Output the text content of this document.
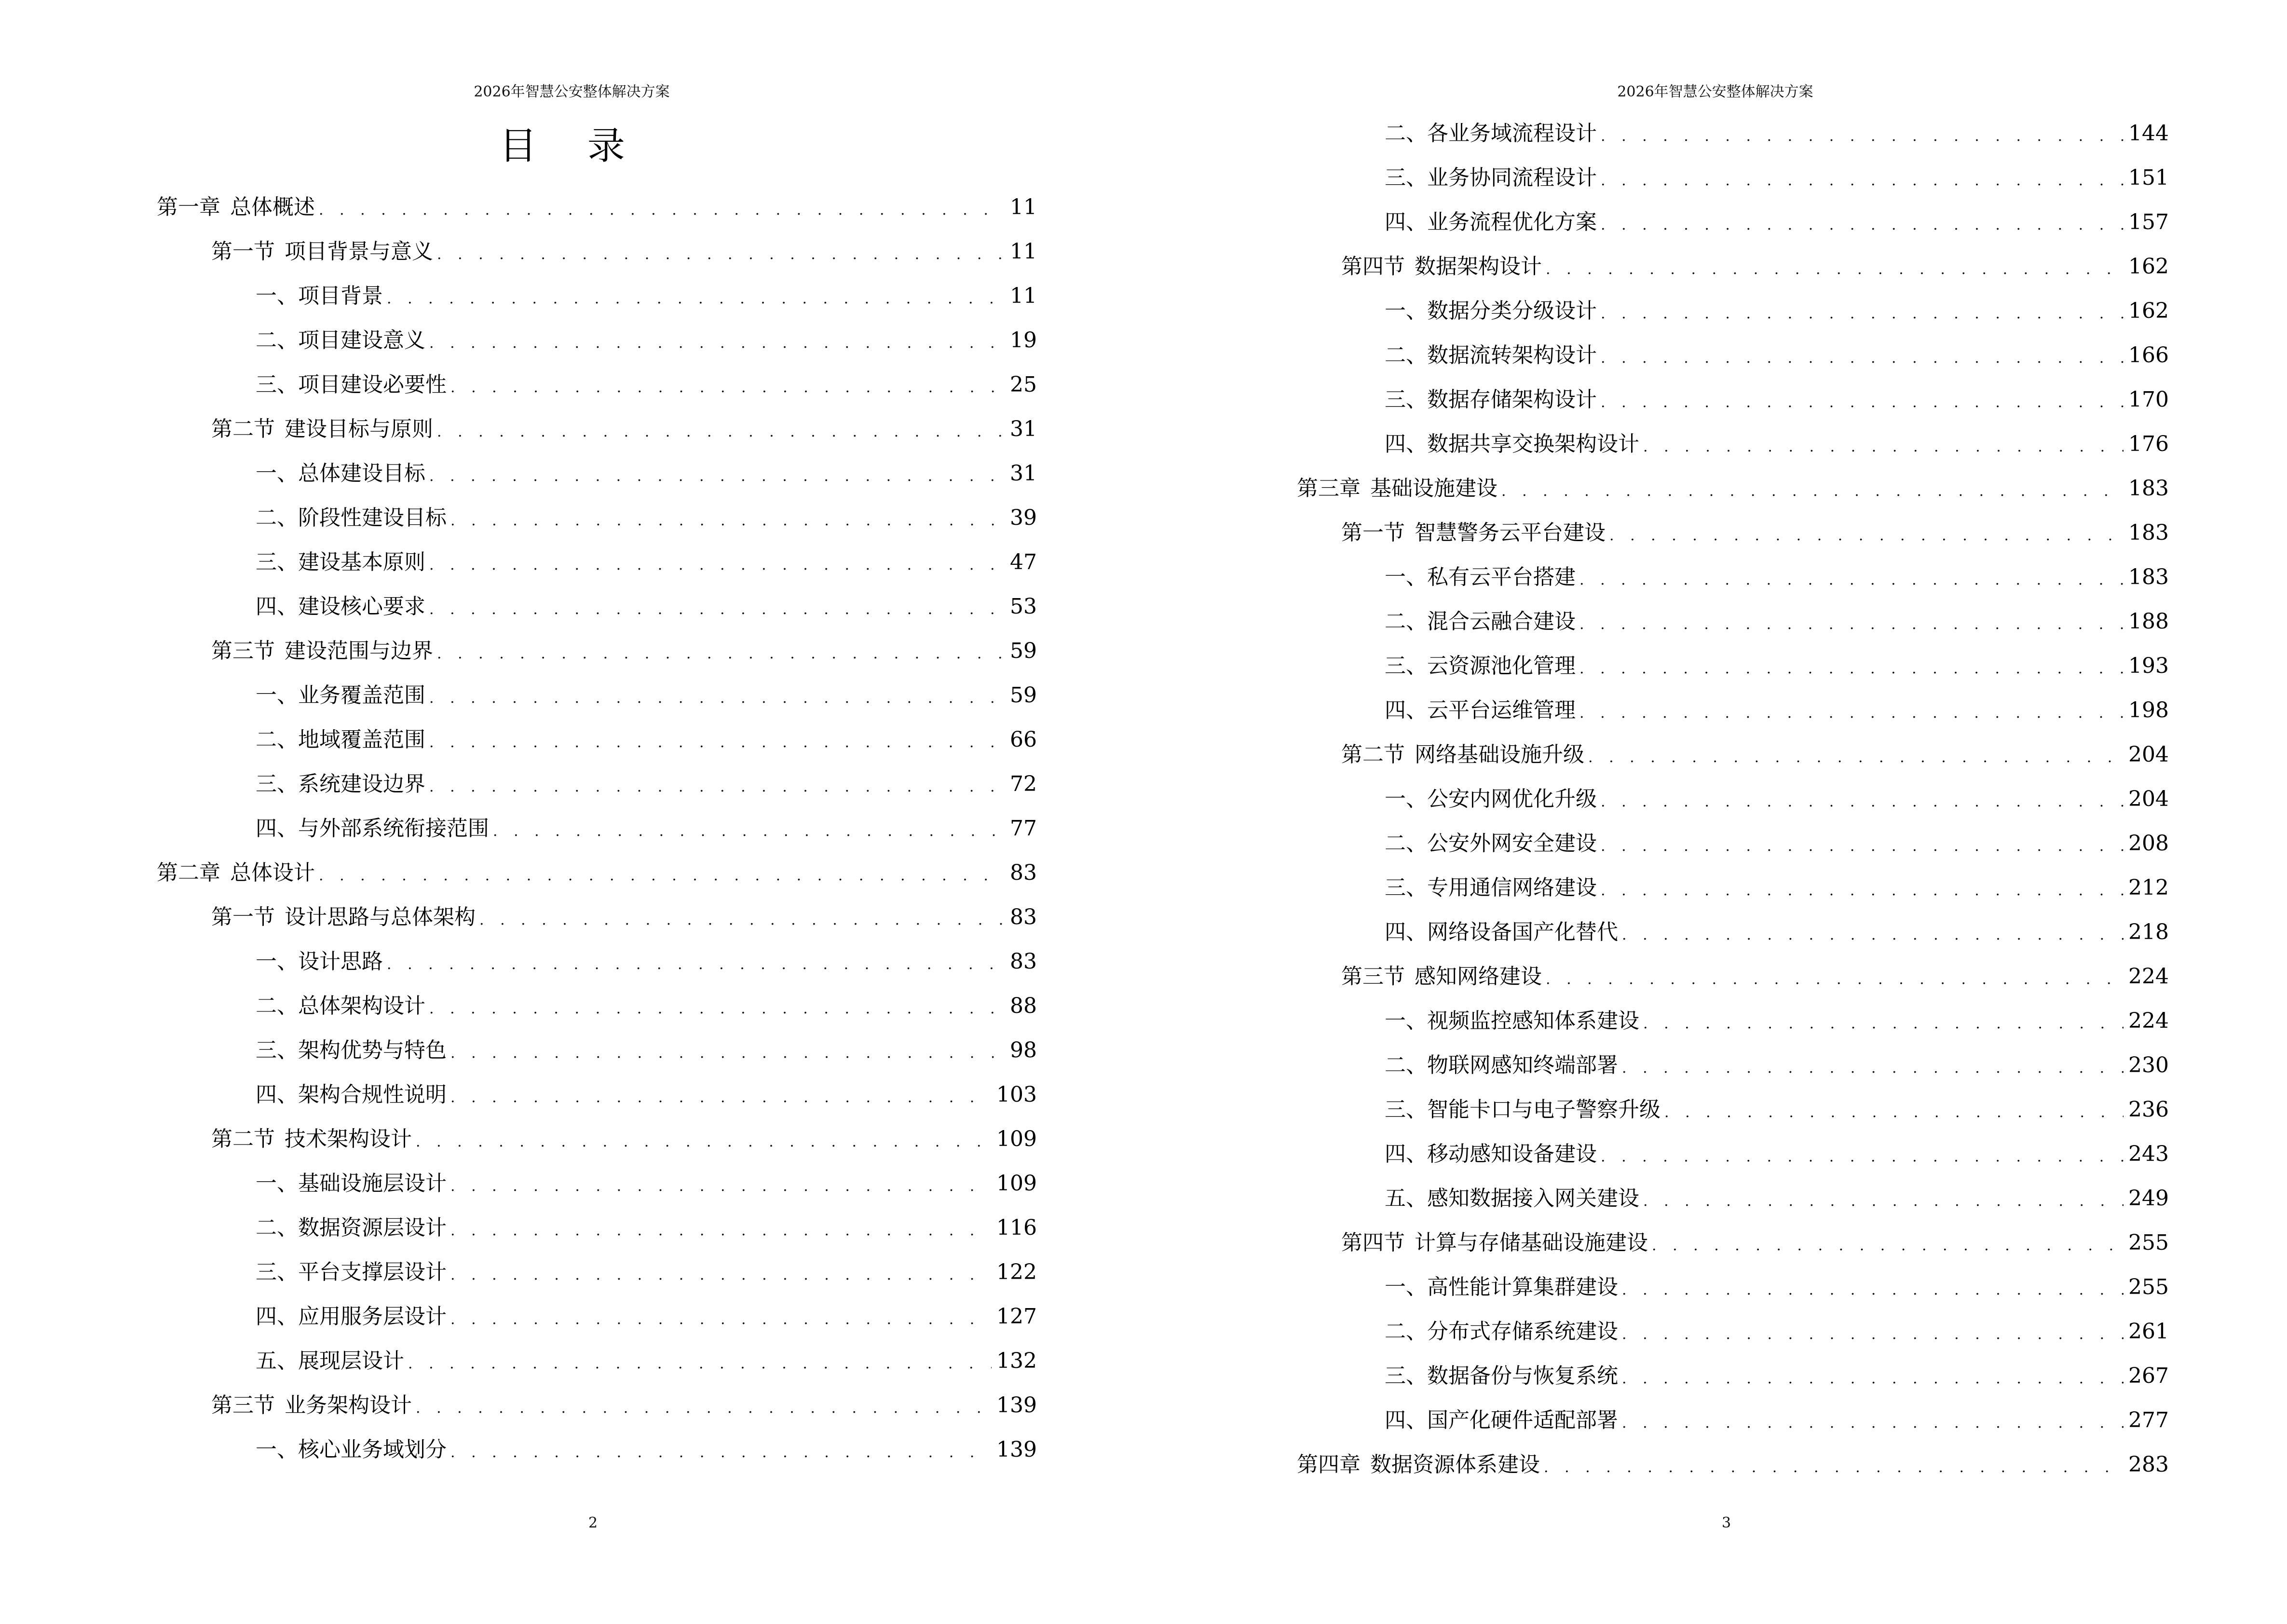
2026年智慧公安整体解决方案
目 录
第一章 总体概述 . . .	11
第一节 项目背景与意义 . . .	11
一、项目背景 . . .	11
二、项目建设意义 . . .	19
三、项目建设必要性 . . .	25
第二节 建设目标与原则 . . .	31
一、总体建设目标 . . .	31
二、阶段性建设目标 . . .	39
三、建设基本原则 . . .	47
四、建设核心要求 . . .	53
第三节 建设范围与边界 . . .	59
一、业务覆盖范围 . . .	59
二、地域覆盖范围 . . .	66
三、系统建设边界 . . .	72
四、与外部系统衔接范围 . . .	77
第二章 总体设计 . . .	83
第一节 设计思路与总体架构 . . .	83
一、设计思路 . . .	83
二、总体架构设计 . . .	88
三、架构优势与特色 . . .	98
四、架构合规性说明 . . .	103
第二节 技术架构设计 . . .	109
一、基础设施层设计 . . .	109
二、数据资源层设计 . . .	116
三、平台支撑层设计 . . .	122
四、应用服务层设计 . . .	127
五、展现层设计 . . .	132
第三节 业务架构设计 . . .	139
一、核心业务域划分 . . .	139
2
2026年智慧公安整体解决方案
二、各业务域流程设计 . . .	144
三、业务协同流程设计 . . .	151
四、业务流程优化方案 . . .	157
第四节 数据架构设计 . . .	162
一、数据分类分级设计 . . .	162
二、数据流转架构设计 . . .	166
三、数据存储架构设计 . . .	170
四、数据共享交换架构设计 . . .	176
第三章 基础设施建设 . . .	183
第一节 智慧警务云平台建设 . . .	183
一、私有云平台搭建 . . .	183
二、混合云融合建设 . . .	188
三、云资源池化管理 . . .	193
四、云平台运维管理 . . .	198
第二节 网络基础设施升级 . . .	204
一、公安内网优化升级 . . .	204
二、公安外网安全建设 . . .	208
三、专用通信网络建设 . . .	212
四、网络设备国产化替代 . . .	218
第三节 感知网络建设 . . .	224
一、视频监控感知体系建设 . . .	224
二、物联网感知终端部署 . . .	230
三、智能卡口与电子警察升级 . . .	236
四、移动感知设备建设 . . .	243
五、感知数据接入网关建设 . . .	249
第四节 计算与存储基础设施建设 . . .	255
一、高性能计算集群建设 . . .	255
二、分布式存储系统建设 . . .	261
三、数据备份与恢复系统 . . .	267
四、国产化硬件适配部署 . . .	277
第四章 数据资源体系建设 . . .	283
3
